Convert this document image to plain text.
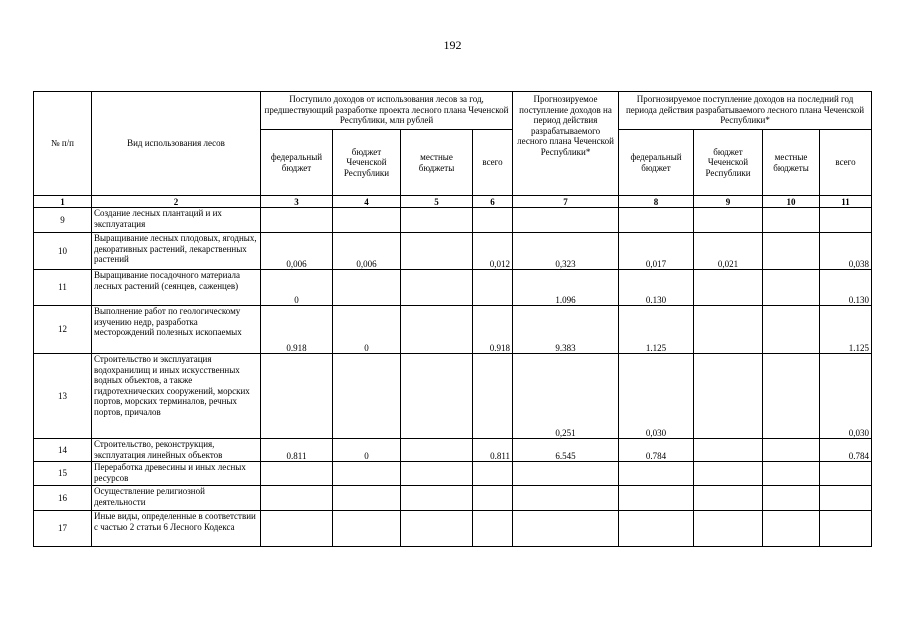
192
№ п/п	Вид использования лесов	Поступило доходов от использования лесов за год, предшествующий разработке проекта лесного плана Чеченской Республики, млн рублей				Прогнозируемое поступление доходов на период действия разрабатываемого лесного плана Чеченской Республики*	Прогнозируемое поступление доходов на последний год периода действия разрабатываемого лесного плана Чеченской Республики*			
		федеральный бюджет	бюджет Чеченской Республики	местные бюджеты	всего		федеральный бюджет	бюджет Чеченской Республики	местные бюджеты	всего
1	2	3	4	5	6	7	8	9	10	11
9	Создание лесных плантаций и их эксплуатация									
10	Выращивание лесных плодовых, ягодных, декоративных растений, лекарственных растений	0,006	0,006		0,012	0,323	0,017	0,021		0,038
11	Выращивание посадочного материала лесных растений (сеянцев, саженцев)	0				1.096	0.130			0.130
12	Выполнение работ по геологическому изучению недр, разработка месторождений полезных ископаемых	0.918	0		0.918	9.383	1.125			1.125
13	Строительство и эксплуатация водохранилищ и иных искусственных водных объектов, а также гидротехнических сооружений, морских портов, морских терминалов, речных портов, причалов					0,251	0,030			0,030
14	Строительство, реконструкция, эксплуатация линейных объектов	0.811	0		0.811	6.545	0.784			0.784
15	Переработка древесины и иных лесных ресурсов									
16	Осуществление религиозной деятельности									
17	Иные виды, определенные в соответствии с частью 2 статьи 6 Лесного Кодекса									
